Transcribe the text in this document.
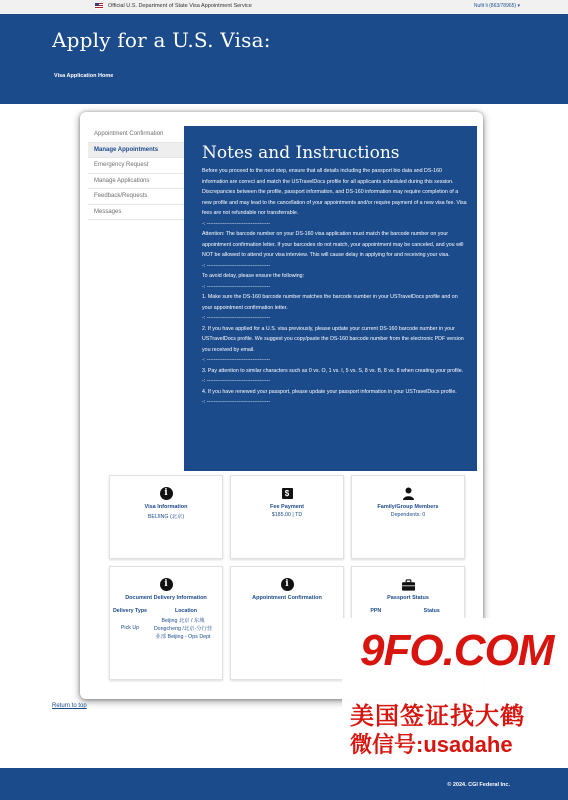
Official U.S. Department of State Visa Appointment Service	Nufit li (863/78965) ▾
Apply for a U.S. Visa:
Visa Application Home
Appointment Confirmation
Manage Appointments
Emergency Request
Manage Applications
Feedback/Requests
Messages
Notes and Instructions

Before you proceed to the next step, ensure that all details including the passport bio data and DS-160 information are correct and match the USTravelDocs profile for all applicants scheduled during this session. Discrepancies between the profile, passport information, and DS-160 information may require completion of a new profile and may lead to the cancellation of your appointments and/or require payment of a new visa fee. Visa fees are not refundable nor transferrable.

-: ------------------------------------

Attention: The barcode number on your DS-160 visa application must match the barcode number on your appointment confirmation letter. If your barcodes do not match, your appointment may be canceled, and you will NOT be allowed to attend your visa interview. This will cause delay in applying for and receiving your visa.

-: ------------------------------------

To avoid delay, please ensure the following:

-: ------------------------------------

1. Make sure the DS-160 barcode number matches the barcode number in your USTravelDocs profile and on your appointment confirmation letter.

-: ------------------------------------

2. If you have applied for a U.S. visa previously, please update your current DS-160 barcode number in your USTravelDocs profile. We suggest you copy/paste the DS-160 barcode number from the electronic PDF version you received by email.

-: ------------------------------------

3. Pay attention to similar characters such as 0 vs. O, 1 vs. I, 5 vs. S, 8 vs. B, 8 vs. 8 when creating your profile.

-: ------------------------------------

4. If you have renewed your passport, please update your passport information in your USTravelDocs profile.

-: ------------------------------------

i
Visa Information
BEIJING (北京)
$
Fee Payment
$185.00 | TD
Family/Group Members
Dependents: 0
i
Document Delivery Information
Delivery Type	Location
Pick Up	Beijing 北京 / 东城 Dongcheng /北京-分行营业部 Beijing - Ops Dept
i
Appointment Confirmation	Passport Status
PPN	Status
Return to top
© 2024. CGI Federal Inc.
9FO.COM
美国签证找大鹤
微信号:usadahe
